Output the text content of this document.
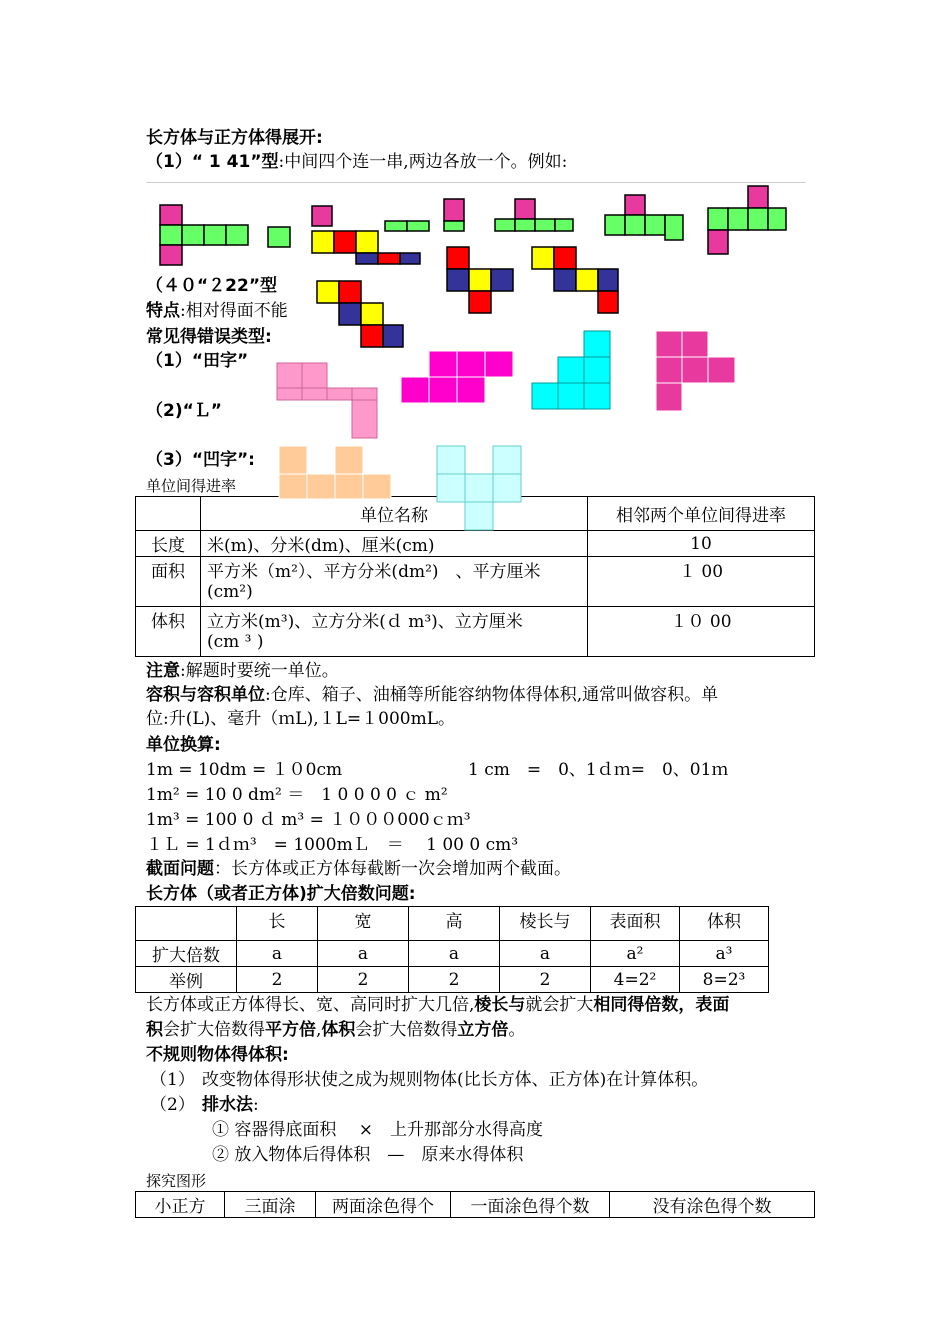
长方体与正方体得展开:
（1）“ 1 41”型:中间四个连一串,两边各放一个。例如:
（４０“２22”型
特点:相对得面不能
常见得错误类型:
（1）“田字”
（2)“Ｌ”
（3）“凹字”:
单位间得进率
	单位名称	相邻两个单位间得进率
长度	米(m)、分米(dm)、厘米(cm)	10
面积	平方米（m²）、平方分米(dm²)　、平方厘米
(cm²)	１ 00
体积	立方米(m³)、立方分米(ｄ m³)、立方厘米
(cm ³ )	１０ 00
注意:解题时要统一单位。
容积与容积单位:仓库、箱子、油桶等所能容纳物体得体积,通常叫做容积。单
位:升(L)、毫升（ｍL),１L=１000mL。
单位换算:
1m = 10dm = １０0cm	1 cm　=　0、1ｄｍ=　0、01ｍ
1m² = 10 0 dm² ＝　1 0 0 0 0 ｃ m²
1m³ = 100 0 ｄ m³ = １０００000ｃｍ³
１Ｌ = 1ｄｍ³　= 1000mＬ　＝　 1 00 0 cm³
截面问题：长方体或正方体每截断一次会增加两个截面。
长方体（或者正方体)扩大倍数问题:
	长	宽	高	棱长与	表面积	体积
扩大倍数	a	a	a	a	a²	a³
举例	2	2	2	2	4=2²	8=2³
长方体或正方体得长、宽、高同时扩大几倍,棱长与就会扩大相同得倍数，表面
积会扩大倍数得平方倍,体积会扩大倍数得立方倍。
不规则物体得体积:
（1） 改变物体得形状使之成为规则物体(比长方体、正方体)在计算体积。
（2） 排水法:
① 容器得底面积　 ×　上升那部分水得高度
② 放入物体后得体积　—　原来水得体积
探究图形
小正方	三面涂	两面涂色得个	一面涂色得个数	没有涂色得个数
